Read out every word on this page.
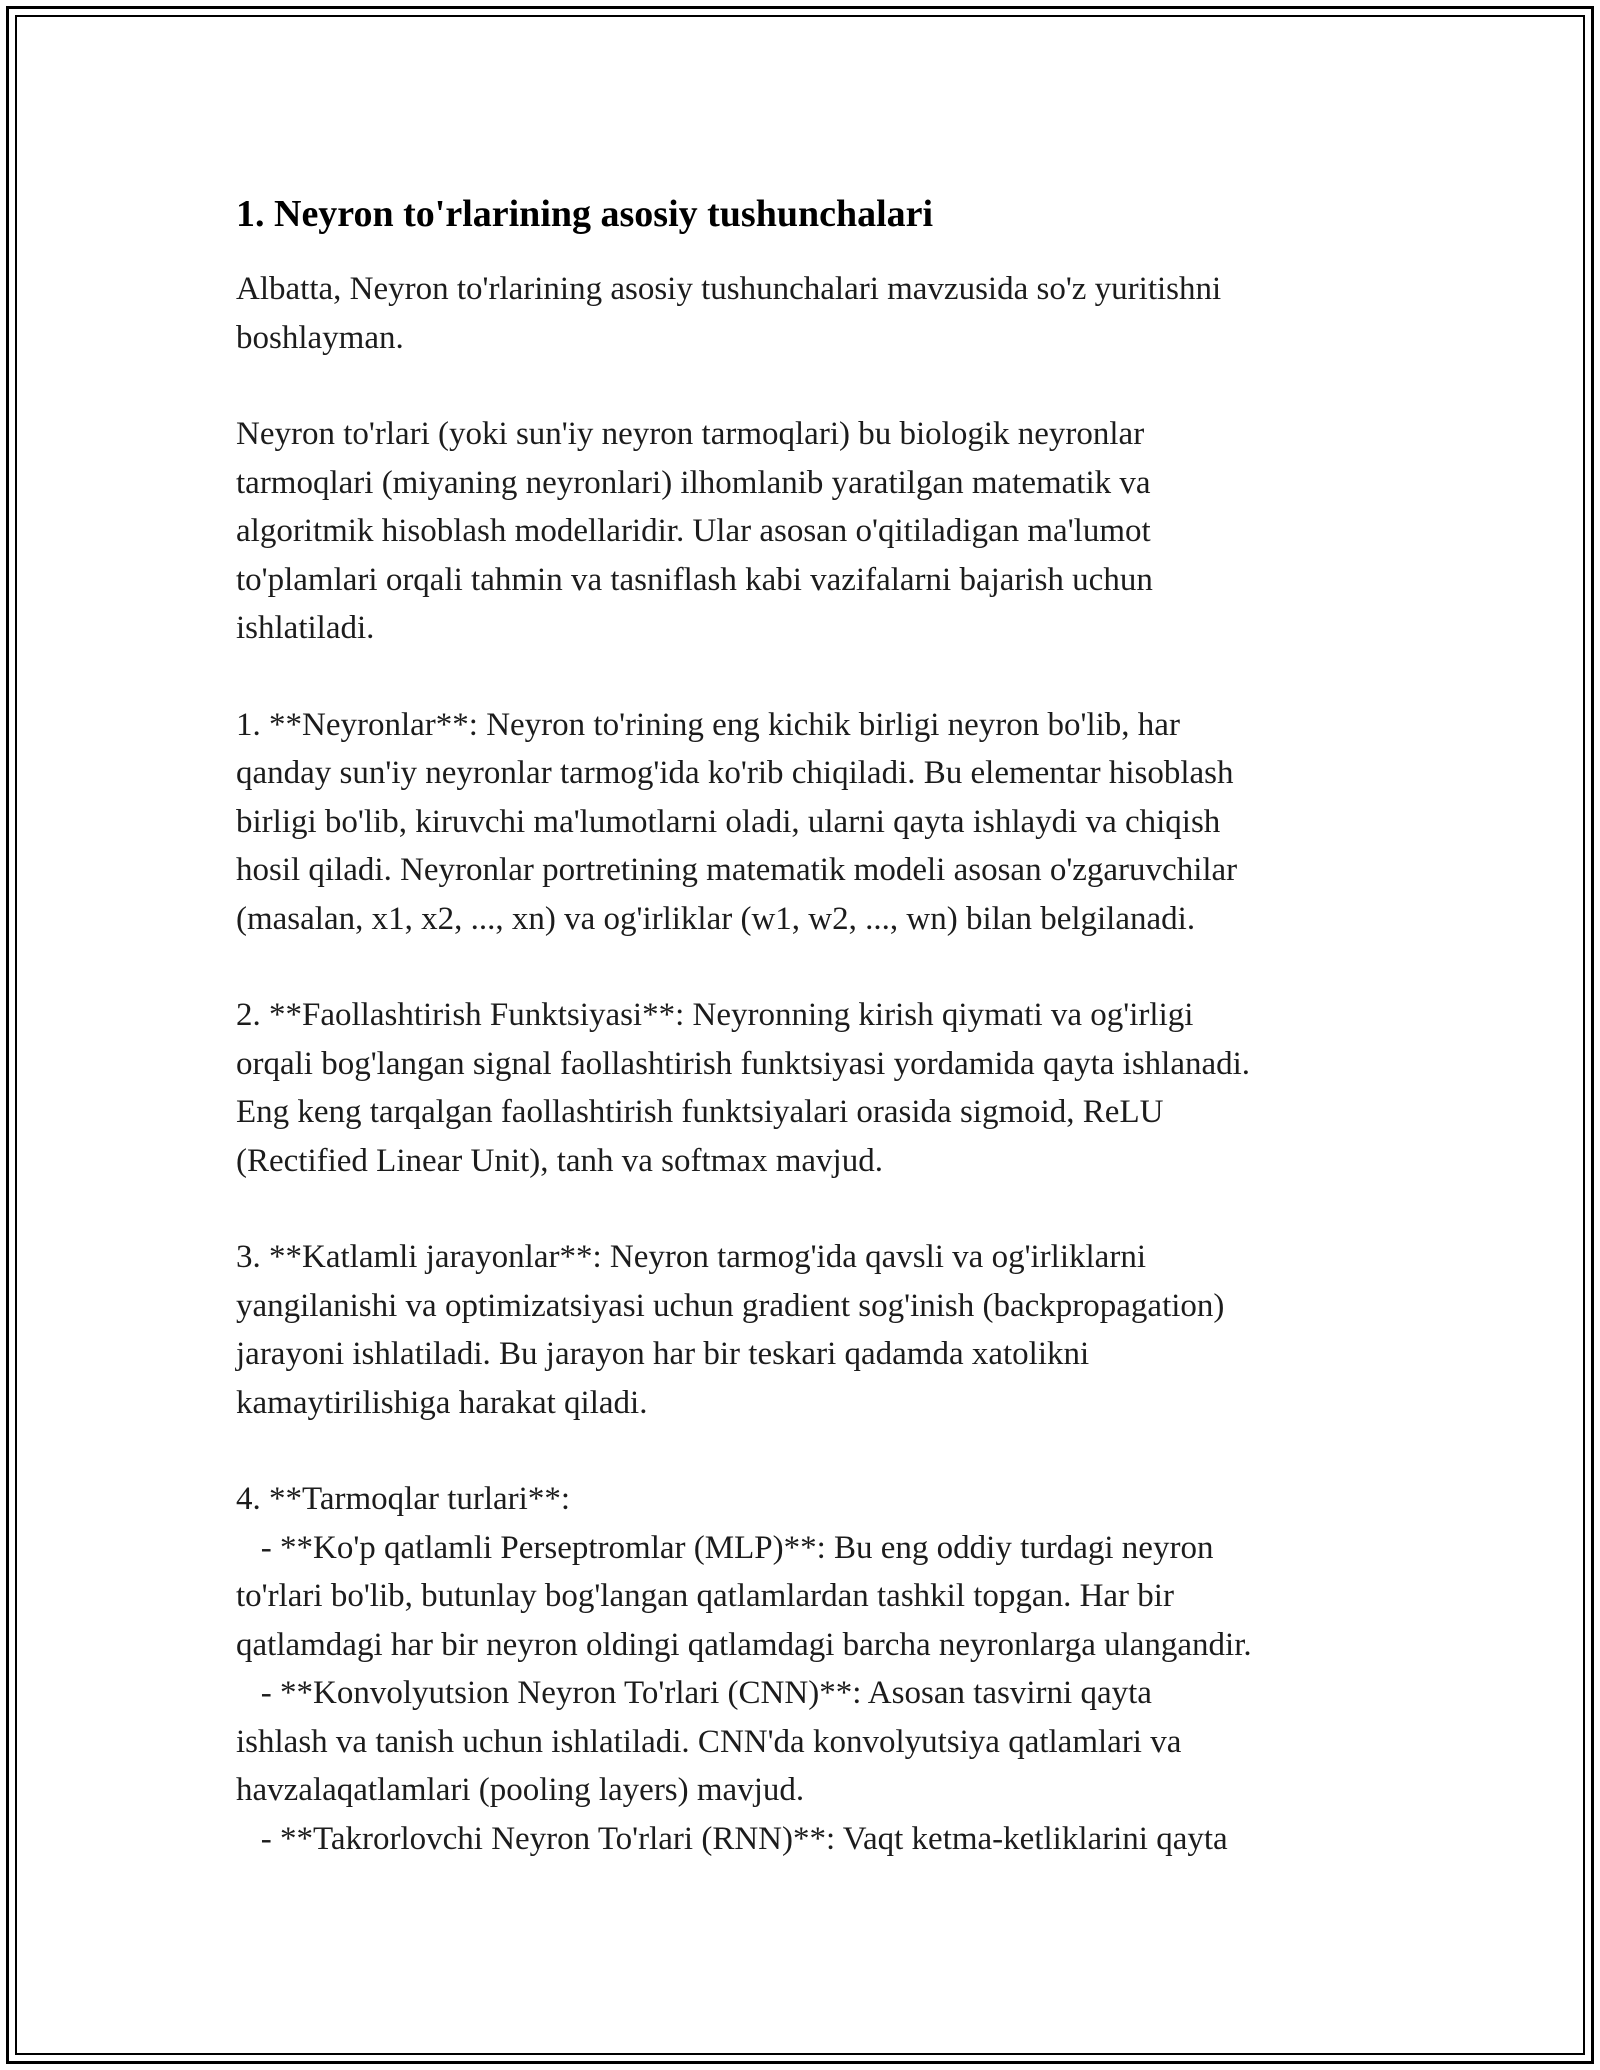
1. Neyron to'rlarining asosiy tushunchalari

Albatta, Neyron to'rlarining asosiy tushunchalari mavzusida so'z yuritishni
boshlayman.

Neyron to'rlari (yoki sun'iy neyron tarmoqlari) bu biologik neyronlar
tarmoqlari (miyaning neyronlari) ilhomlanib yaratilgan matematik va
algoritmik hisoblash modellaridir. Ular asosan o'qitiladigan ma'lumot
to'plamlari orqali tahmin va tasniflash kabi vazifalarni bajarish uchun
ishlatiladi.

1. **Neyronlar**: Neyron to'rining eng kichik birligi neyron bo'lib, har
qanday sun'iy neyronlar tarmog'ida ko'rib chiqiladi. Bu elementar hisoblash
birligi bo'lib, kiruvchi ma'lumotlarni oladi, ularni qayta ishlaydi va chiqish
hosil qiladi. Neyronlar portretining matematik modeli asosan o'zgaruvchilar
(masalan, x1, x2, ..., xn) va og'irliklar (w1, w2, ..., wn) bilan belgilanadi.

2. **Faollashtirish Funktsiyasi**: Neyronning kirish qiymati va og'irligi
orqali bog'langan signal faollashtirish funktsiyasi yordamida qayta ishlanadi.
Eng keng tarqalgan faollashtirish funktsiyalari orasida sigmoid, ReLU
(Rectified Linear Unit), tanh va softmax mavjud.

3. **Katlamli jarayonlar**: Neyron tarmog'ida qavsli va og'irliklarni
yangilanishi va optimizatsiyasi uchun gradient sog'inish (backpropagation)
jarayoni ishlatiladi. Bu jarayon har bir teskari qadamda xatolikni
kamaytirilishiga harakat qiladi.

4. **Tarmoqlar turlari**:
- **Ko'p qatlamli Perseptromlar (MLP)**: Bu eng oddiy turdagi neyron
to'rlari bo'lib, butunlay bog'langan qatlamlardan tashkil topgan. Har bir
qatlamdagi har bir neyron oldingi qatlamdagi barcha neyronlarga ulangandir.
- **Konvolyutsion Neyron To'rlari (CNN)**: Asosan tasvirni qayta
ishlash va tanish uchun ishlatiladi. CNN'da konvolyutsiya qatlamlari va
havzalaqatlamlari (pooling layers) mavjud.
- **Takrorlovchi Neyron To'rlari (RNN)**: Vaqt ketma-ketliklarini qayta
